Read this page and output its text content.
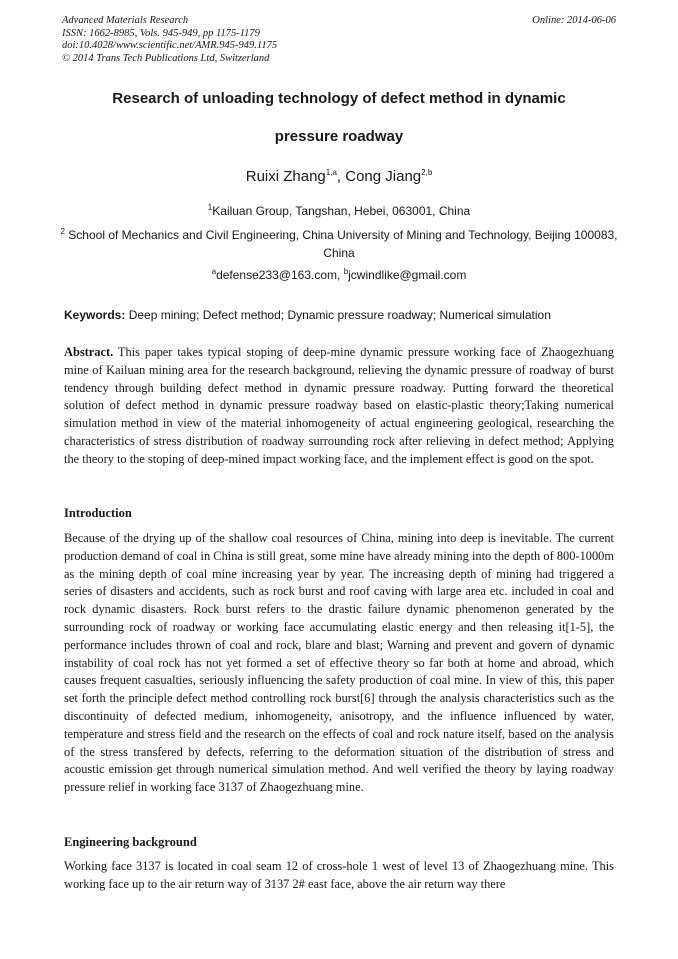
Advanced Materials Research
ISSN: 1662-8985, Vols. 945-949, pp 1175-1179
doi:10.4028/www.scientific.net/AMR.945-949.1175
© 2014 Trans Tech Publications Ltd, Switzerland
Online: 2014-06-06
Research of unloading technology of defect method in dynamic
pressure roadway
Ruixi Zhang$^{1,a}$, Cong Jiang$^{2,b}$
$^1$Kailuan Group, Tangshan, Hebei, 063001, China
$^2$ School of Mechanics and Civil Engineering, China University of Mining and Technology, Beijing 100083, China
$^a$defense233@163.com, $^b$jcwindlike@gmail.com
Keywords: Deep mining; Defect method; Dynamic pressure roadway; Numerical simulation
Abstract. This paper takes typical stoping of deep-mine dynamic pressure working face of Zhaogezhuang mine of Kailuan mining area for the research background, relieving the dynamic pressure of roadway of burst tendency through building defect method in dynamic pressure roadway. Putting forward the theoretical solution of defect method in dynamic pressure roadway based on elastic-plastic theory;Taking numerical simulation method in view of the material inhomogeneity of actual engineering geological, researching the characteristics of stress distribution of roadway surrounding rock after relieving in defect method; Applying the theory to the stoping of deep-mined impact working face, and the implement effect is good on the spot.
Introduction
Because of the drying up of the shallow coal resources of China, mining into deep is inevitable. The current production demand of coal in China is still great, some mine have already mining into the depth of 800-1000m as the mining depth of coal mine increasing year by year. The increasing depth of mining had triggered a series of disasters and accidents, such as rock burst and roof caving with large area etc. included in coal and rock dynamic disasters. Rock burst refers to the drastic failure dynamic phenomenon generated by the surrounding rock of roadway or working face accumulating elastic energy and then releasing it[1-5], the performance includes thrown of coal and rock, blare and blast; Warning and prevent and govern of dynamic instability of coal rock has not yet formed a set of effective theory so far both at home and abroad, which causes frequent casualties, seriously influencing the safety production of coal mine. In view of this, this paper set forth the principle defect method controlling rock burst[6] through the analysis characteristics such as the discontinuity of defected medium, inhomogeneity, anisotropy, and the influence influenced by water, temperature and stress field and the research on the effects of coal and rock nature itself, based on the analysis of the stress transfered by defects, referring to the deformation situation of the distribution of stress and acoustic emission get through numerical simulation method. And well verified the theory by laying roadway pressure relief in working face 3137 of Zhaogezhuang mine.
Engineering background
Working face 3137 is located in coal seam 12 of cross-hole 1 west of level 13 of Zhaogezhuang mine. This working face up to the air return way of 3137 2# east face, above the air return way there
